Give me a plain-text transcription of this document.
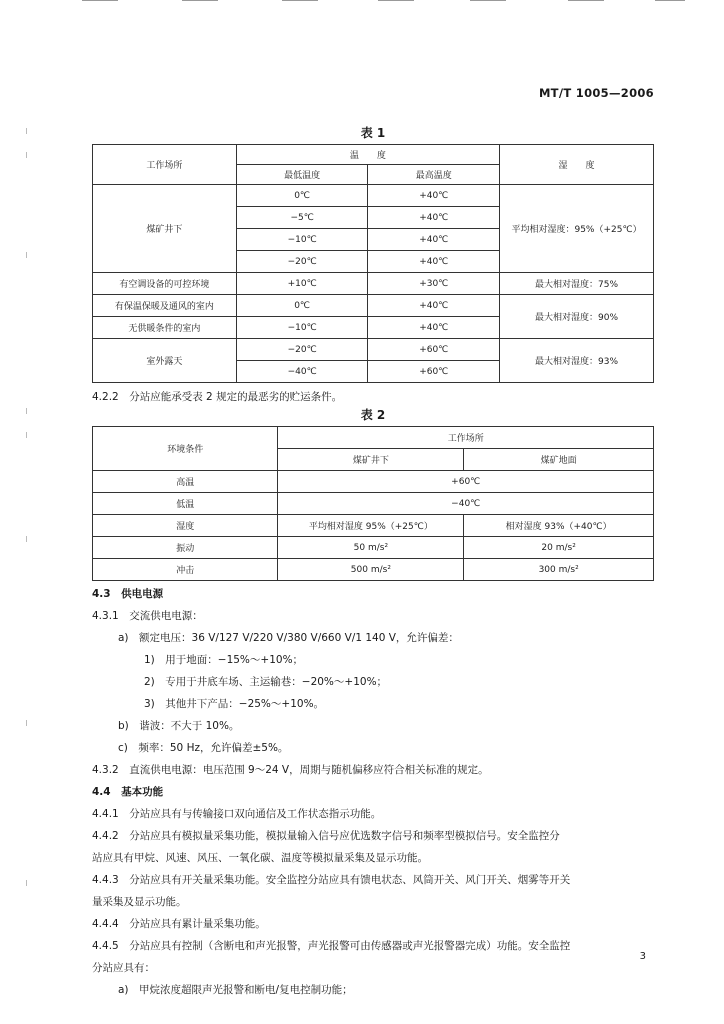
MT/T 1005—2006
表 1
工作场所	温　　度		湿　　度
	最低温度	最高温度	
煤矿井下	0℃	+40℃	平均相对湿度：95%（+25℃）
	−5℃	+40℃	
	−10℃	+40℃	
	−20℃	+40℃	
有空调设备的可控环境	+10℃	+30℃	最大相对湿度：75%
有保温保暖及通风的室内	0℃	+40℃	最大相对湿度：90%
无供暖条件的室内	−10℃	+40℃	
室外露天	−20℃	+60℃	最大相对湿度：93%
	−40℃	+60℃	
4.2.2　分站应能承受表 2 规定的最恶劣的贮运条件。
表 2
环境条件	工作场所	
	煤矿井下	煤矿地面
高温	+60℃	
低温	−40℃	
湿度	平均相对湿度 95%（+25℃）	相对湿度 93%（+40℃）
振动	50 m/s²	20 m/s²
冲击	500 m/s²	300 m/s²
4.3　供电电源
4.3.1　交流供电电源：
a)　额定电压：36 V/127 V/220 V/380 V/660 V/1 140 V，允许偏差：
1)　用于地面：−15%～+10%；
2)　专用于井底车场、主运输巷：−20%～+10%；
3)　其他井下产品：−25%～+10%。
b)　谐波：不大于 10%。
c)　频率：50 Hz，允许偏差±5%。
4.3.2　直流供电电源：电压范围 9～24 V，周期与随机偏移应符合相关标准的规定。
4.4　基本功能
4.4.1　分站应具有与传输接口双向通信及工作状态指示功能。
4.4.2　分站应具有模拟量采集功能，模拟量输入信号应优选数字信号和频率型模拟信号。安全监控分
站应具有甲烷、风速、风压、一氧化碳、温度等模拟量采集及显示功能。
4.4.3　分站应具有开关量采集功能。安全监控分站应具有馈电状态、风筒开关、风门开关、烟雾等开关
量采集及显示功能。
4.4.4　分站应具有累计量采集功能。
4.4.5　分站应具有控制（含断电和声光报警，声光报警可由传感器或声光报警器完成）功能。安全监控
分站应具有：
a)　甲烷浓度超限声光报警和断电/复电控制功能；
3
